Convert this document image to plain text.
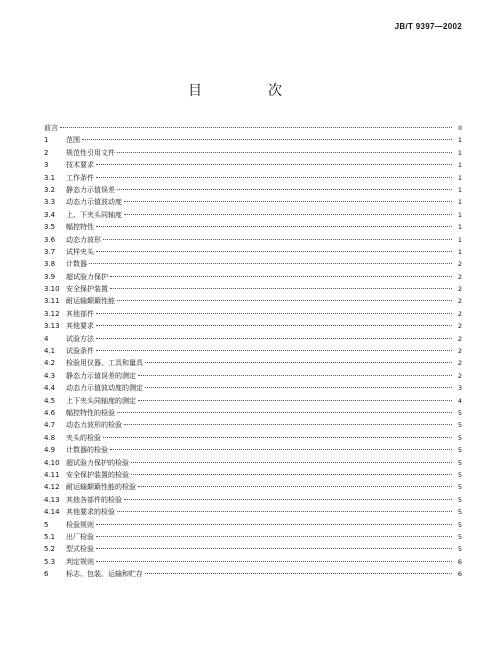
JB/T 9397—2002
目　次
前言	II
1	范围	1
2	规范性引用文件	1
3	技术要求	1
3.1	工作条件	1
3.2	静态力示值误差	1
3.3	动态力示值波动度	1
3.4	上、下夹头同轴度	1
3.5	幅控特性	1
3.6	动态力波形	1
3.7	试样夹头	1
3.8	计数器	2
3.9	超试验力保护	2
3.10 安全保护装置	2
3.11 耐运输颠簸性能	2
3.12 其他部件	2
3.13 其他要求	2
4	试验方法	2
4.1	试验条件	2
4.2	检验用仪器、工具和量具	2
4.3	静态力示值误差的测定	2
4.4	动态力示值波动度的测定	3
4.5	上下夹头同轴度的测定	4
4.6	幅控特性的检验	5
4.7	动态力波形的检验	5
4.8	夹头的检验	5
4.9	计数器的检验	5
4.10 超试验力保护的检验	5
4.11 安全保护装置的检验	5
4.12 耐运输颠簸性能的检验	5
4.13 其他各部件的检验	5
4.14 其他要求的检验	5
5	检验规则	5
5.1	出厂检验	5
5.2	型式检验	5
5.3	判定规则	6
6	标志、包装、运输和贮存	6
